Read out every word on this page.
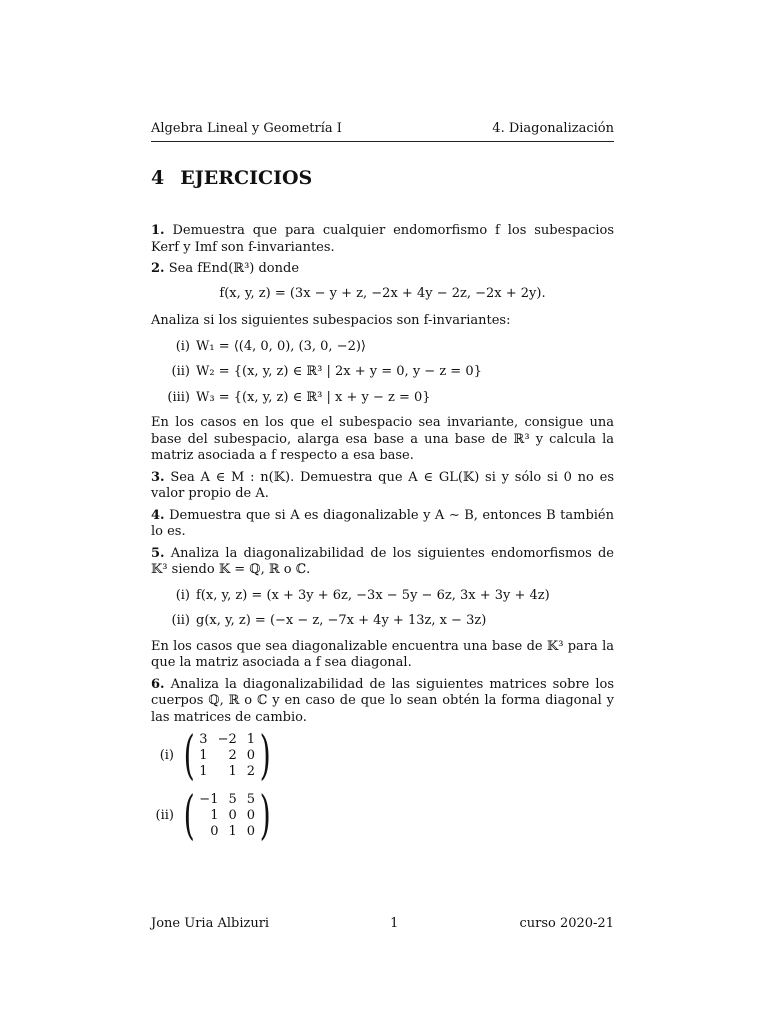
Algebra Lineal y Geometría I	4. Diagonalización
4 EJERCICIOS

1. Demuestra que para cualquier endomorfismo f los subespacios Kerf y Imf son f-invariantes.

2. Sea fEnd(ℝ³) donde

f(x, y, z) = (3x − y + z, −2x + 4y − 2z, −2x + 2y).

Analiza si los siguientes subespacios son f-invariantes:

(i) W₁ = ⟨(4, 0, 0), (3, 0, −2)⟩
(ii) W₂ = {(x, y, z) ∈ ℝ³ | 2x + y = 0, y − z = 0}
(iii) W₃ = {(x, y, z) ∈ ℝ³ | x + y − z = 0}

En los casos en los que el subespacio sea invariante, consigue una base del subespacio, alarga esa base a una base de ℝ³ y calcula la matriz asociada a f respecto a esa base.

3. Sea A ∈ M : n(𝕂). Demuestra que A ∈ GL(𝕂) si y sólo si 0 no es valor propio de A.

4. Demuestra que si A es diagonalizable y A ∼ B, entonces B también lo es.

5. Analiza la diagonalizabilidad de los siguientes endomorfismos de 𝕂³ siendo 𝕂 = ℚ, ℝ o ℂ.

(i) f(x, y, z) = (x + 3y + 6z, −3x − 5y − 6z, 3x + 3y + 4z)
(ii) g(x, y, z) = (−x − z, −7x + 4y + 13z, x − 3z)

En los casos que sea diagonalizable encuentra una base de 𝕂³ para la que la matriz asociada a f sea diagonal.

6. Analiza la diagonalizabilidad de las siguientes matrices sobre los cuerpos ℚ, ℝ o ℂ y en caso de que lo sean obtén la forma diagonal y las matrices de cambio.

(i) ( 3 −2 1
1	2 0
1	1 2 )
(ii) ( −1 5 5
1 0 0
0 1 0 )
Jone Uria Albizuri	1	curso 2020-21
